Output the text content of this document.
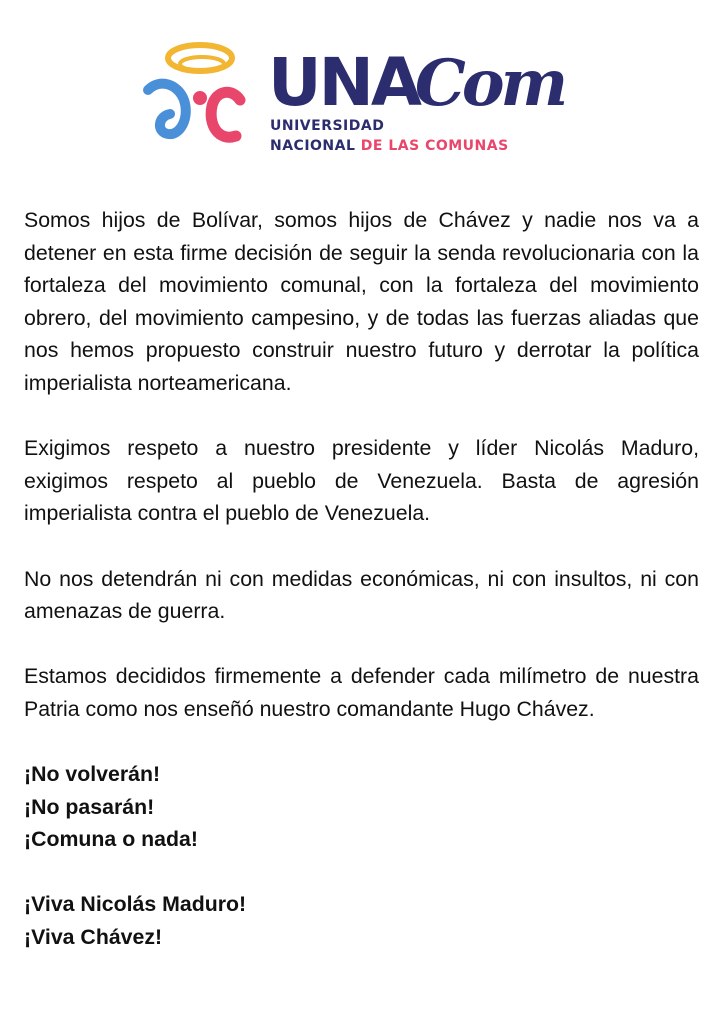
UNA
Com
UNIVERSIDAD
NACIONAL DE LAS COMUNAS

Somos hijos de Bolívar, somos hijos de Chávez y nadie nos va a detener en esta firme decisión de seguir la senda revolucionaria con la fortaleza del movimiento comunal, con la fortaleza del movimiento obrero, del movimiento campesino, y de todas las fuerzas aliadas que nos hemos propuesto construir nuestro futuro y derrotar la política imperialista norteamericana.

Exigimos respeto a nuestro presidente y líder Nicolás Maduro, exigimos respeto al pueblo de Venezuela. Basta de agresión imperialista contra el pueblo de Venezuela.

No nos detendrán ni con medidas económicas, ni con insultos, ni con amenazas de guerra.

Estamos decididos firmemente a defender cada milímetro de nuestra Patria como nos enseñó nuestro comandante Hugo Chávez.

¡No volverán!
¡No pasarán!
¡Comuna o nada!
¡Viva Nicolás Maduro!
¡Viva Chávez!
